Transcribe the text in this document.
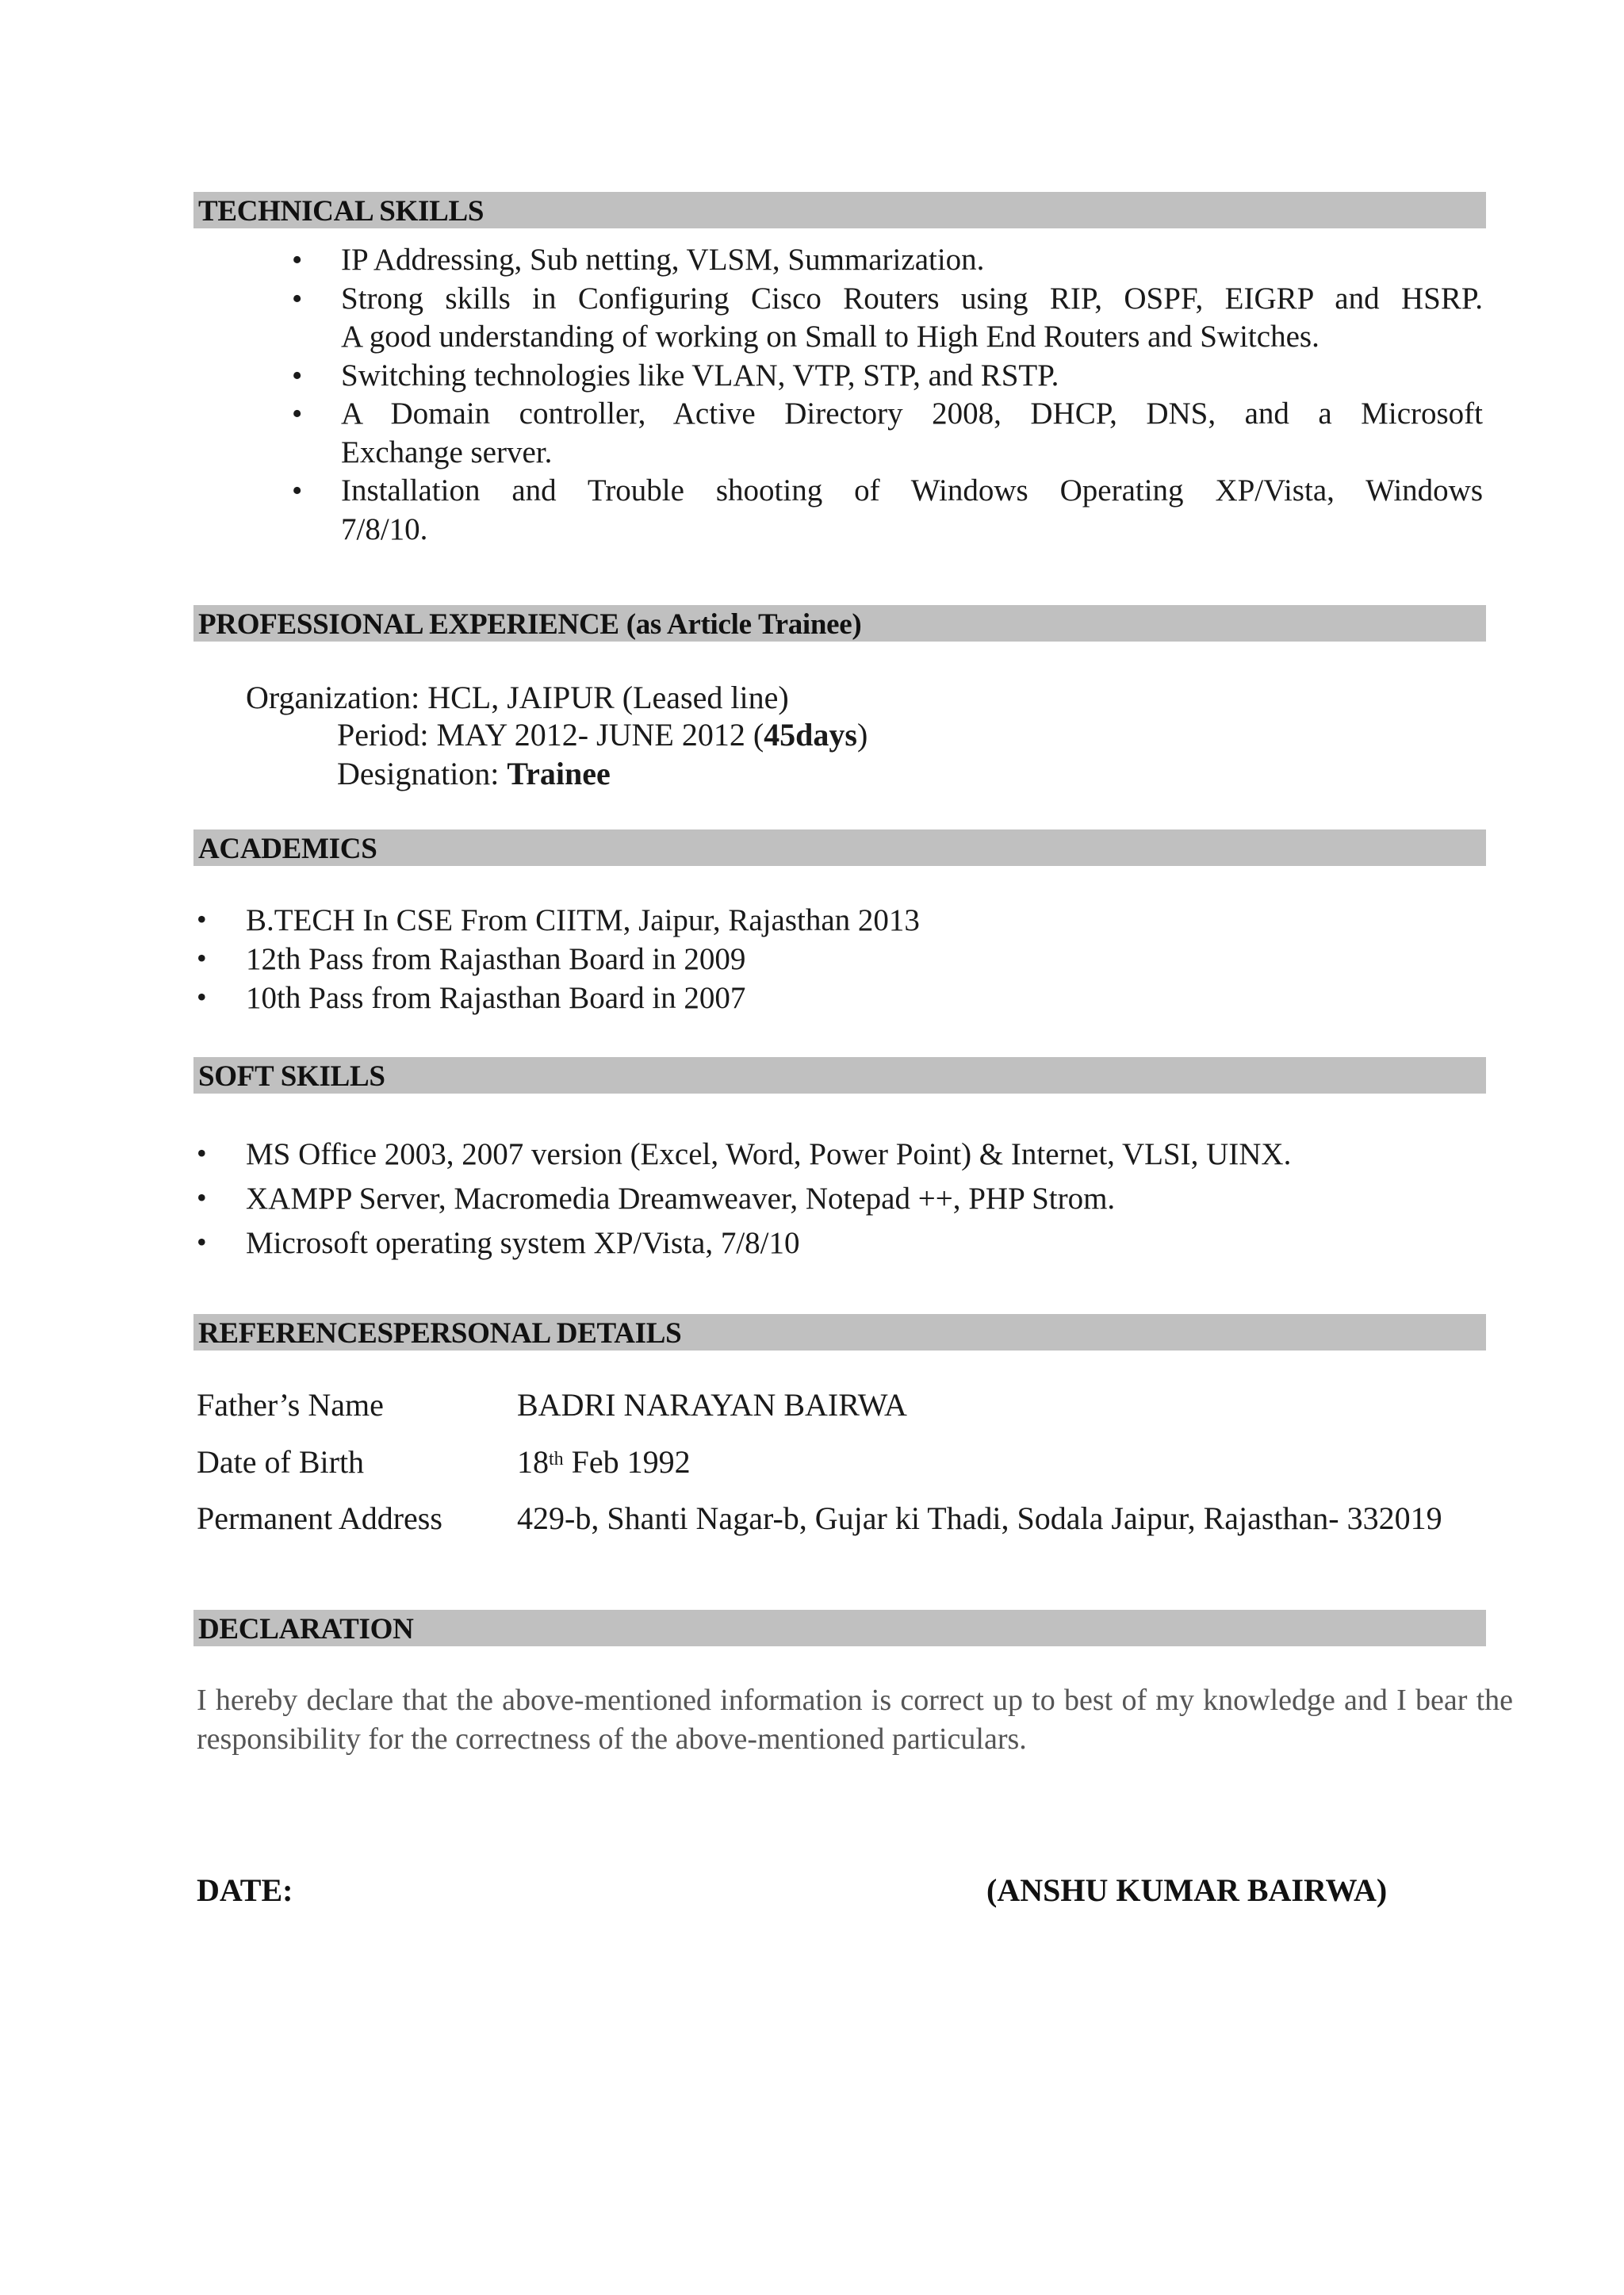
TECHNICAL SKILLS
• IP Addressing, Sub netting, VLSM, Summarization.
• Strong skills in Configuring Cisco Routers using RIP, OSPF, EIGRP and HSRP.
A good understanding of working on Small to High End Routers and Switches.
• Switching technologies like VLAN, VTP, STP, and RSTP.
• A Domain controller, Active Directory 2008, DHCP, DNS, and a Microsoft
Exchange server.
• Installation and Trouble shooting of Windows Operating XP/Vista, Windows
7/8/10.
PROFESSIONAL EXPERIENCE (as Article Trainee)
Organization: HCL, JAIPUR (Leased line)
Period: MAY 2012- JUNE 2012 (45days)
Designation: Trainee
ACADEMICS
• B.TECH In CSE From CIITM, Jaipur, Rajasthan 2013
• 12th Pass from Rajasthan Board in 2009
• 10th Pass from Rajasthan Board in 2007
SOFT SKILLS
• MS Office 2003, 2007 version (Excel, Word, Power Point) & Internet, VLSI, UINX.
• XAMPP Server, Macromedia Dreamweaver, Notepad ++, PHP Strom.
• Microsoft operating system XP/Vista, 7/8/10
REFERENCESPERSONAL DETAILS
Father’s Name	BADRI NARAYAN BAIRWA
Date of Birth	18th Feb 1992
Permanent Address 429-b, Shanti Nagar-b, Gujar ki Thadi, Sodala Jaipur, Rajasthan- 332019
DECLARATION
I hereby declare that the above-mentioned information is correct up to best of my knowledge and I bear the responsibility for the correctness of the above-mentioned particulars.
DATE:	(ANSHU KUMAR BAIRWA)
